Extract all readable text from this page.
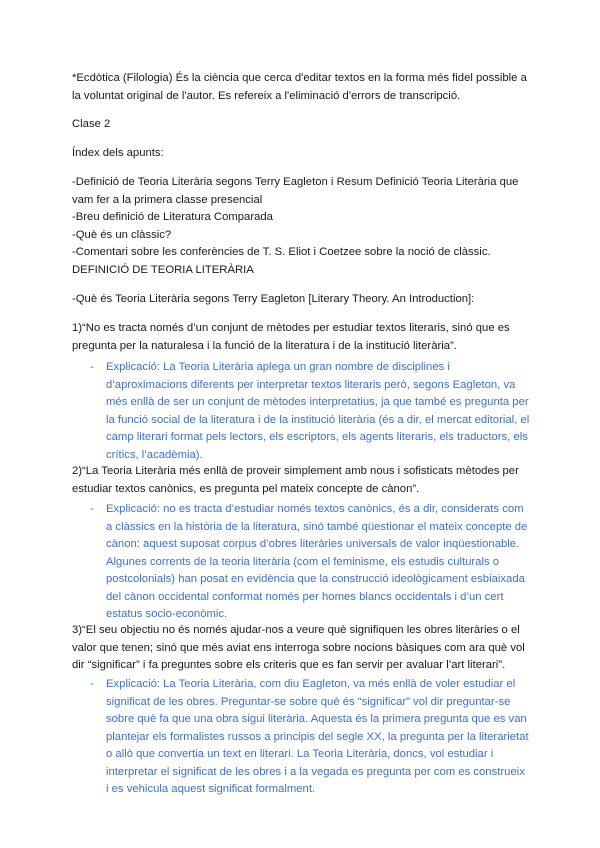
*Ecdòtica (Filologia) És la ciència que cerca d'editar textos en la forma més fidel possible a la voluntat original de l'autor. Es refereix a l'eliminació d'errors de transcripció.

Clase 2

Índex dels apunts:

-Definició de Teoria Literària segons Terry Eagleton i Resum Definició Teoria Literària que vam fer a la primera classe presencial
-Breu definició de Literatura Comparada
-Què és un clàssic?
-Comentari sobre les conferències de T. S. Eliot i Coetzee sobre la noció de clàssic.

DEFINICIÓ DE TEORIA LITERÀRIA

-Què és Teoria Literària segons Terry Eagleton [Literary Theory. An Introduction]:

1)“No es tracta només d’un conjunt de mètodes per estudiar textos literaris, sinó que es pregunta per la naturalesa i la funció de la literatura i de la institució literària”.

- Explicació: La Teoria Literària aplega un gran nombre de disciplines i d’aproximacions diferents per interpretar textos literaris però, segons Eagleton, va més enllà de ser un conjunt de mètodes interpretatius, ja que també es pregunta per la funció social de la literatura i de la institució literària (és a dir, el mercat editorial, el camp literari format pels lectors, els escriptors, els agents literaris, els traductors, els crítics, l’acadèmia).

2)“La Teoria Literària més enllà de proveir simplement amb nous i sofisticats mètodes per estudiar textos canònics, es pregunta pel mateix concepte de cànon”.

- Explicació: no es tracta d’estudiar només textos canònics, és a dir, considerats com a clàssics en la història de la literatura, sinó també qüestionar el mateix concepte de cànon: aquest suposat corpus d’obres literàries universals de valor inqüestionable. Algunes corrents de la teoria literària (com el feminisme, els estudis culturals o postcolonials) han posat en evidència que la construcció ideològicament esbiaixada del cànon occidental conformat només per homes blancs occidentals i d’un cert estatus socio-econòmic.

3)“El seu objectiu no és només ajudar-nos a veure què signifiquen les obres literàries o el valor que tenen; sinó que més aviat ens interroga sobre nocions bàsiques com ara què vol dir “significar” i fa preguntes sobre els criteris que es fan servir per avaluar l’art literari”.

- Explicació: La Teoria Literària, com diu Eagleton, va més enllà de voler estudiar el significat de les obres. Preguntar-se sobre què és “significar” vol dir preguntar-se sobre què fa que una obra sigui literària. Aquesta és la primera pregunta que es van plantejar els formalistes russos a principis del segle XX, la pregunta per la literarietat o allò que convertia un text en literari. La Teoria Literària, doncs, vol estudiar i interpretar el significat de les obres i a la vegada es pregunta per com es construeix i es vehicula aquest significat formalment.
